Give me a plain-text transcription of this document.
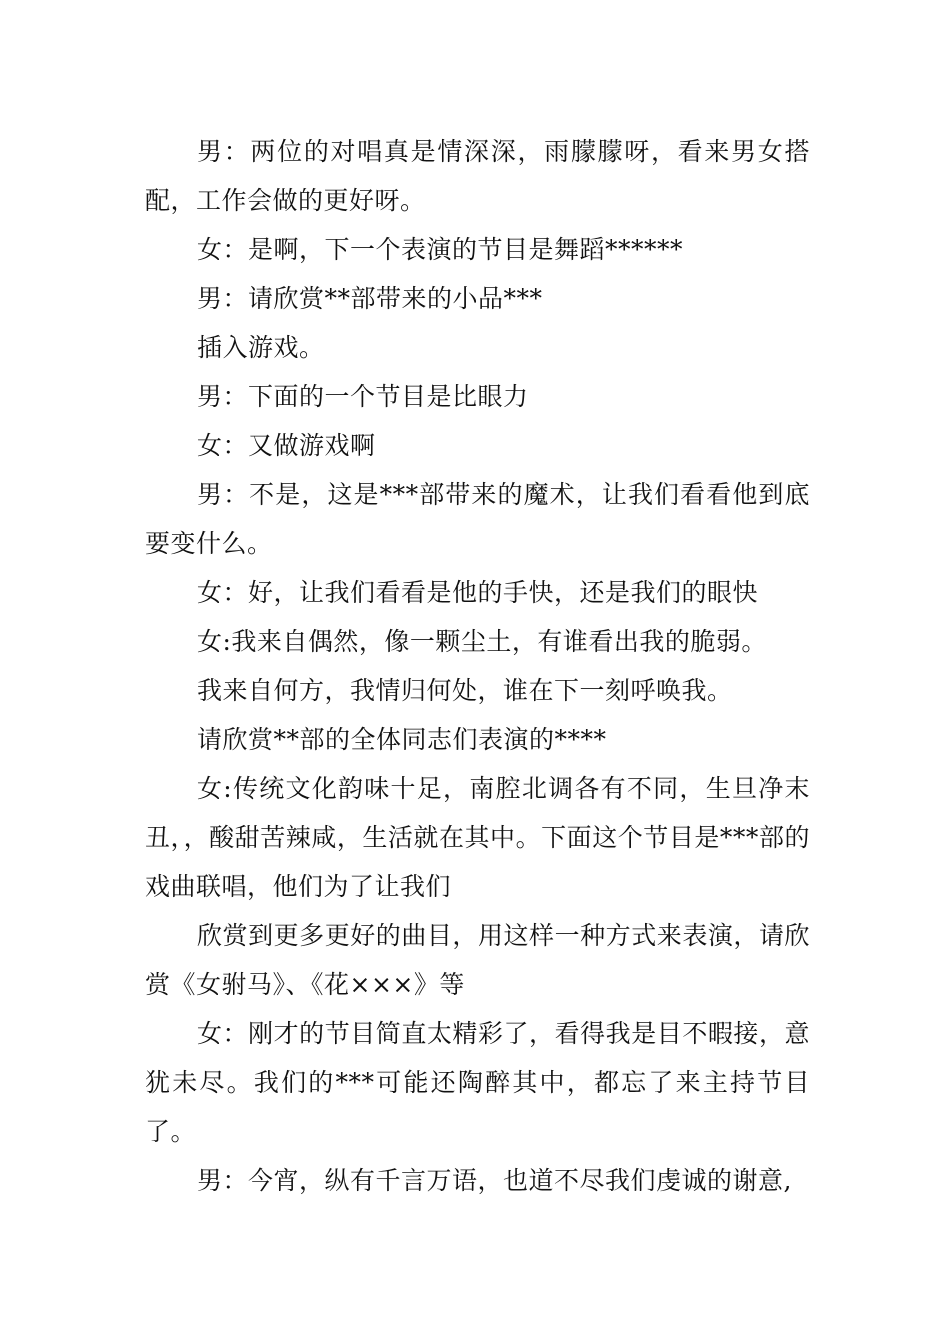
男：两位的对唱真是情深深，雨朦朦呀，看来男女搭配，工作会做的更好呀。

女：是啊，下一个表演的节目是舞蹈******

男：请欣赏**部带来的小品***

插入游戏。

男：下面的一个节目是比眼力

女：又做游戏啊

男：不是，这是***部带来的魔术，让我们看看他到底要变什么。

女：好，让我们看看是他的手快，还是我们的眼快

女:我来自偶然，像一颗尘土，有谁看出我的脆弱。

我来自何方，我情归何处，谁在下一刻呼唤我。

请欣赏**部的全体同志们表演的****

女:传统文化韵味十足，南腔北调各有不同，生旦净末丑，，酸甜苦辣咸，生活就在其中。下面这个节目是***部的戏曲联唱，他们为了让我们

欣赏到更多更好的曲目，用这样一种方式来表演，请欣赏《女驸马》、《花×××》等

女：刚才的节目简直太精彩了，看得我是目不暇接，意犹未尽。我们的***可能还陶醉其中，都忘了来主持节目了。

男：今宵，纵有千言万语，也道不尽我们虔诚的谢意,
